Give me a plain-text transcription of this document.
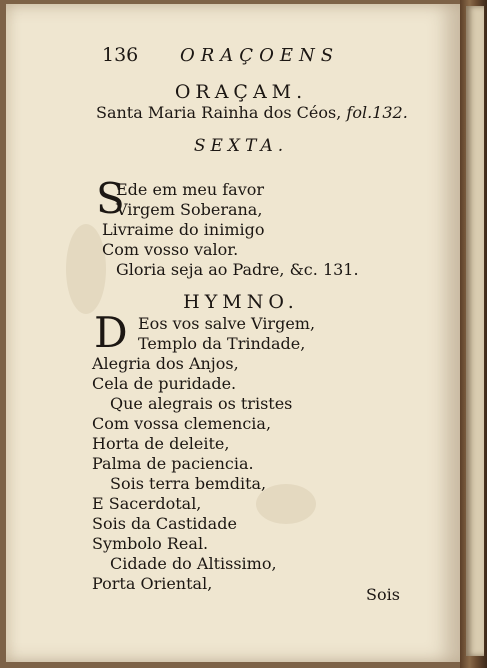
136 ORAÇOENS
ORAÇAM.
Santa Maria Rainha dos Céos, fol.132.
SEXTA.
S
Ede em meu favor
Virgem Soberana,
Livraime do inimigo
Com vosso valor.
Gloria seja ao Padre, &c. 131.
HYMNO.
D Eos vos salve Virgem,
Templo da Trindade,
Alegria dos Anjos,
Cela de puridade.
Que alegrais os tristes
Com vossa clemencia,
Horta de deleite,
Palma de paciencia.
Sois terra bemdita,
E Sacerdotal,
Sois da Castidade
Symbolo Real.
Cidade do Altissimo,
Porta Oriental,
Sois
